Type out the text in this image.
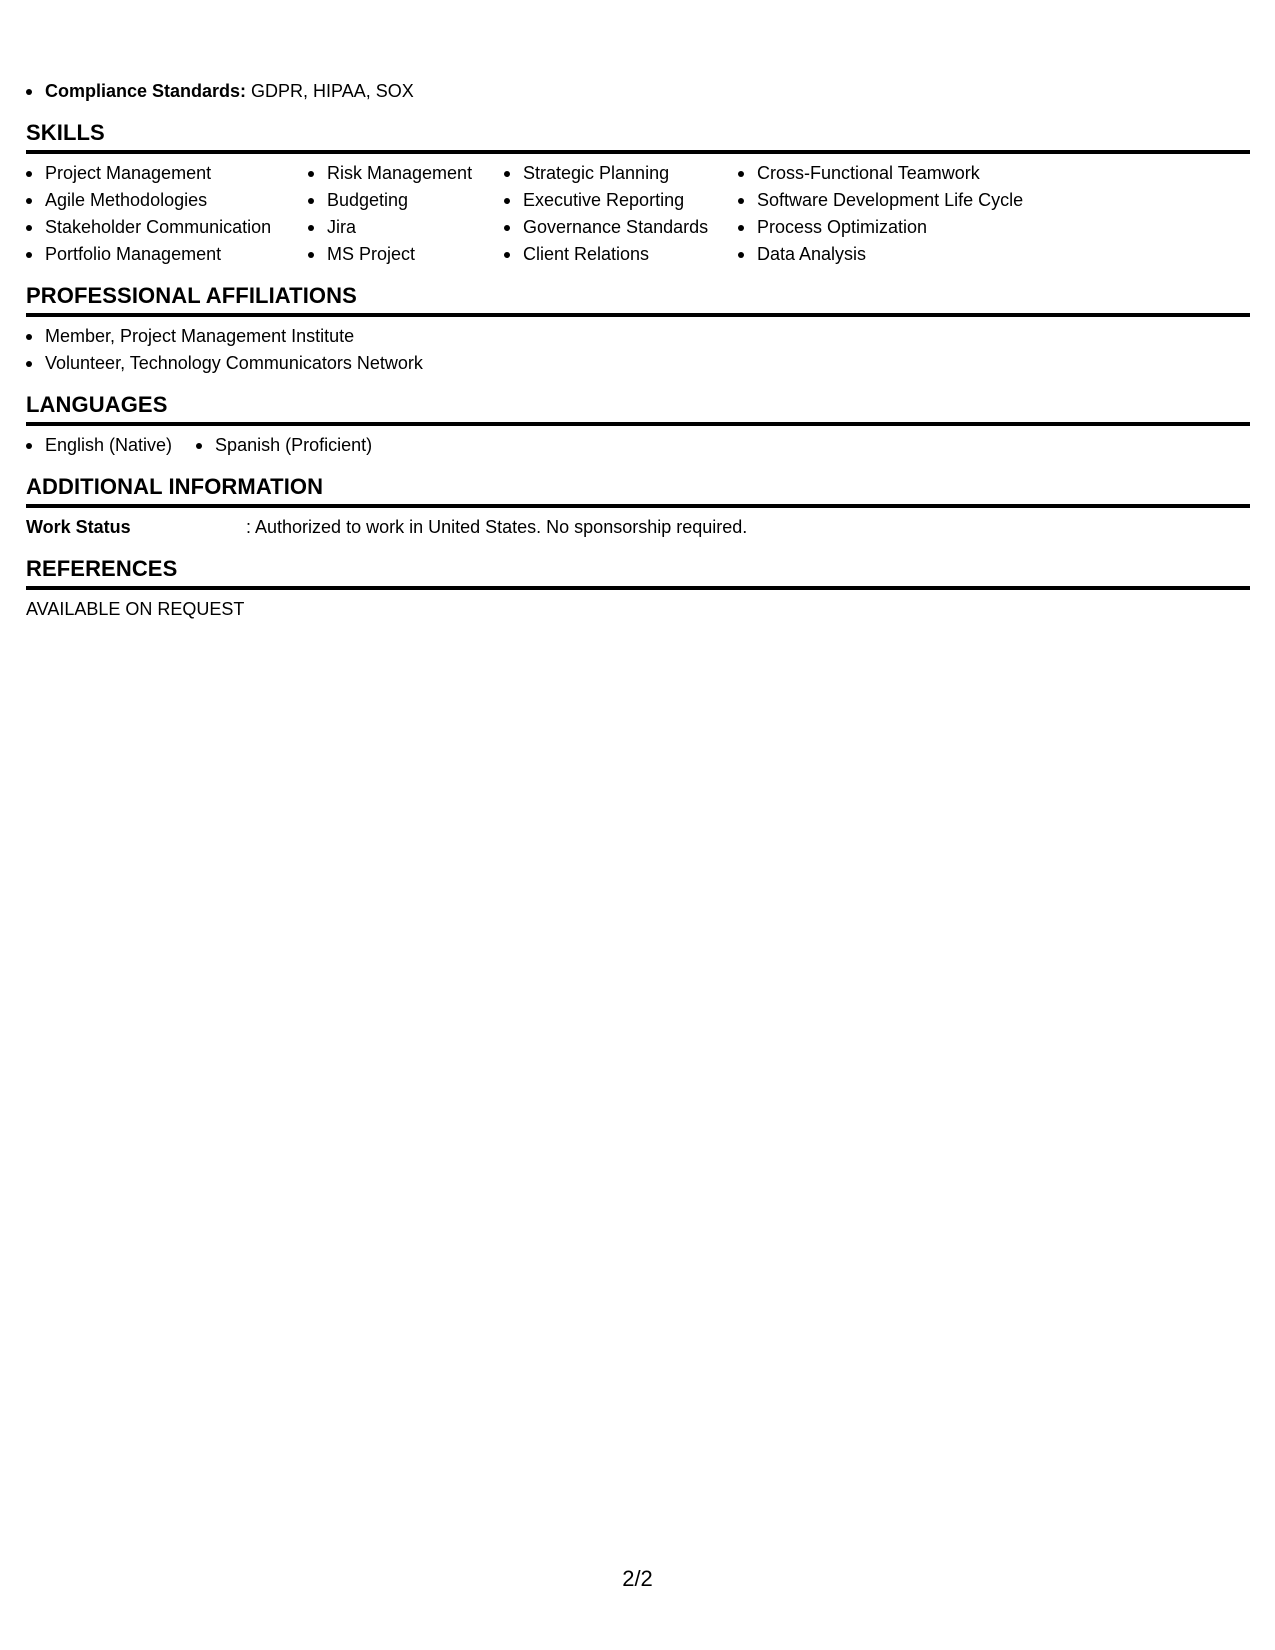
Compliance Standards: GDPR, HIPAA, SOX
SKILLS
Project Management
Agile Methodologies
Stakeholder Communication
Portfolio Management
Risk Management
Budgeting
Jira
MS Project
Strategic Planning
Executive Reporting
Governance Standards
Client Relations
Cross-Functional Teamwork
Software Development Life Cycle
Process Optimization
Data Analysis
PROFESSIONAL AFFILIATIONS
Member, Project Management Institute
Volunteer, Technology Communicators Network
LANGUAGES
English (Native)	Spanish (Proficient)
ADDITIONAL INFORMATION
Work Status	: Authorized to work in United States. No sponsorship required.
REFERENCES
AVAILABLE ON REQUEST
2/2
